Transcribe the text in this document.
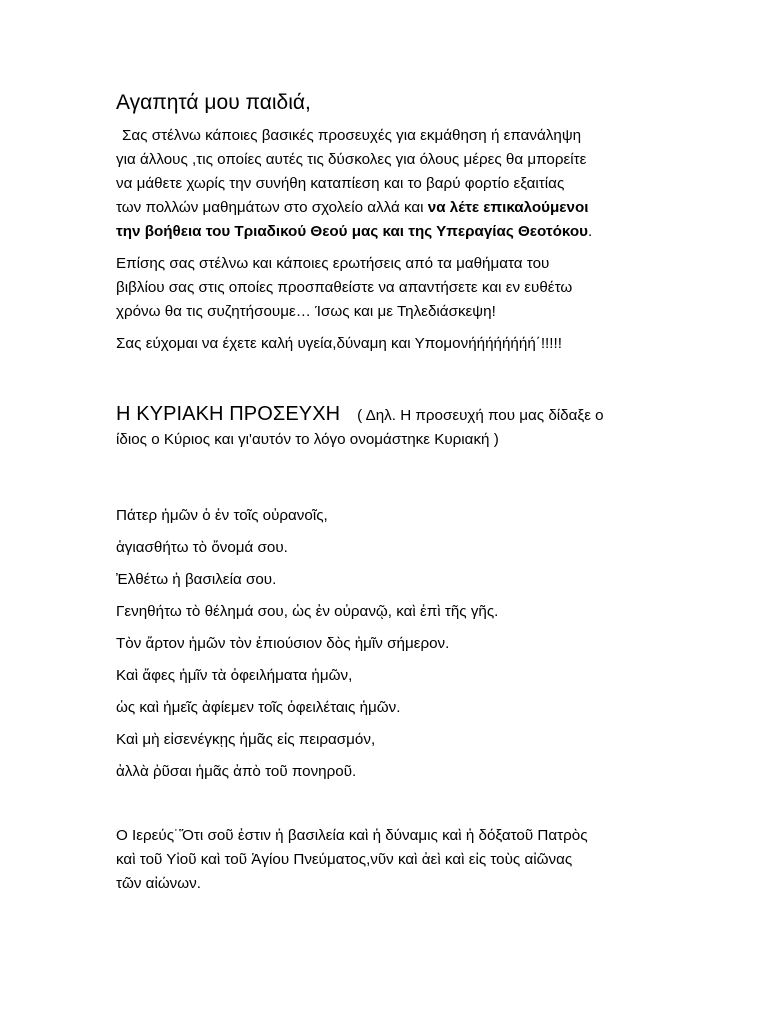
Αγαπητά μου παιδιά,
Σας στέλνω κάποιες βασικές προσευχές για εκμάθηση ή επανάληψη
για άλλους ,τις οποίες αυτές τις δύσκολες για όλους μέρες θα μπορείτε
να μάθετε χωρίς την συνήθη καταπίεση και το βαρύ φορτίο εξαιτίας
των πολλών μαθημάτων στο σχολείο αλλά και να λέτε επικαλούμενοι
την βοήθεια του Τριαδικού Θεού μας και της Υπεραγίας Θεοτόκου.
Επίσης σας στέλνω και κάποιες ερωτήσεις από τα μαθήματα του
βιβλίου σας στις οποίες προσπαθείστε να απαντήσετε και εν ευθέτω
χρόνω θα τις συζητήσουμε… Ίσως και με Τηλεδιάσκεψη!
Σας εύχομαι να έχετε καλή υγεία,δύναμη και Υπομονήήήήήήήή΄!!!!!
Η ΚΥΡΙΑΚΗ ΠΡΟΣΕΥΧΗ ( Δηλ. Η προσευχή που μας δίδαξε ο
ίδιος ο Κύριος και γι'αυτόν το λόγο ονομάστηκε Κυριακή )
Πάτερ ἡμῶν ὁ ἐν τοῖς οὐρανοῖς,
ἁγιασθήτω τὸ ὄνομά σου.
Ἐλθέτω ἡ βασιλεία σου.
Γενηθήτω τὸ θέλημά σου, ὡς ἐν οὐρανῷ, καὶ ἐπὶ τῆς γῆς.
Τὸν ἄρτον ἡμῶν τὸν ἐπιούσιον δὸς ἡμῖν σήμερον.
Καὶ ἄφες ἡμῖν τὰ ὀφειλήματα ἡμῶν,
ὡς καὶ ἡμεῖς ἀφίεμεν τοῖς ὀφειλέταις ἡμῶν.
Καὶ μὴ εἰσενέγκῃς ἡμᾶς εἰς πειρασμόν,
ἀλλὰ ῥῦσαι ἡμᾶς ἀπὸ τοῦ πονηροῦ.
Ο Ιερεύς˙Ὅτι σοῦ ἐστιν ἡ βασιλεία καὶ ἡ δύναμις καὶ ἡ δόξατοῦ Πατρὸς
καὶ τοῦ Υἱοῦ καὶ τοῦ Ἁγίου Πνεύματος,νῦν καὶ ἀεὶ καὶ εἰς τοὺς αἰῶνας
τῶν αἰώνων.
